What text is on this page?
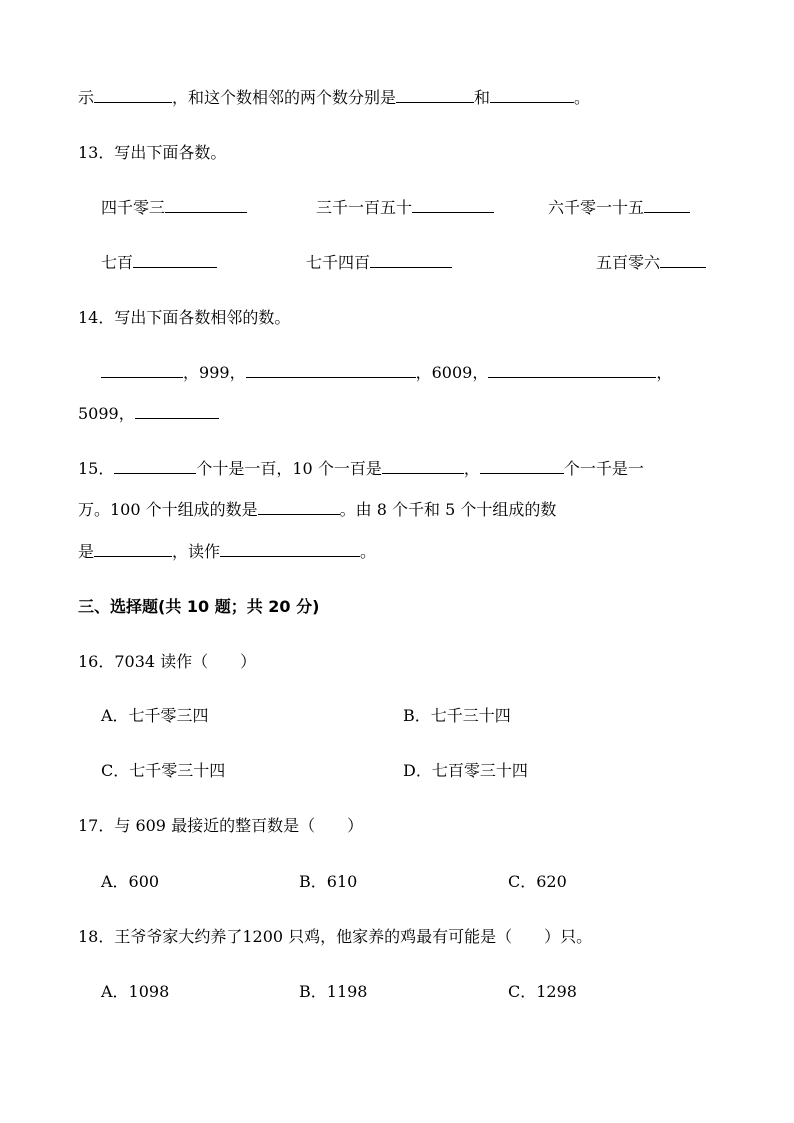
示	，和这个数相邻的两个数分别是	和	。
13．写出下面各数。
四千零三	三千一百五十	六千零一十五
七百	七千四百	五百零六
14．写出下面各数相邻的数。
，999，	，6009，	，
5099，
15．	个十是一百，10 个一百是	，	个一千是一
万。100 个十组成的数是	。由 8 个千和 5 个十组成的数
是	，读作	。
三、选择题(共 10 题；共 20 分)
16．7034 读作（　　）
A．七千零三四	B．七千三十四
C．七千零三十四	D．七百零三十四
17．与 609 最接近的整百数是（　　）
A．600	B．610	C．620
18．王爷爷家大约养了1200 只鸡，他家养的鸡最有可能是（　　）只。
A．1098	B．1198	C．1298
